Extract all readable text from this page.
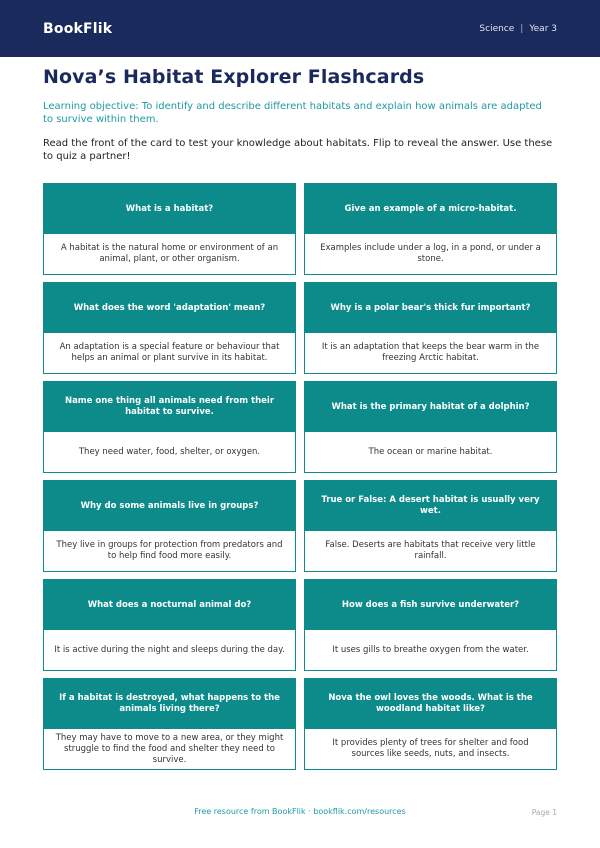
BookFlik	Science | Year 3
Nova’s Habitat Explorer Flashcards

Learning objective: To identify and describe different habitats and explain how animals are adapted to survive within them.

Read the front of the card to test your knowledge about habitats. Flip to reveal the answer. Use these to quiz a partner!

What is a habitat?
A habitat is the natural home or environment of an animal, plant, or other organism.
Give an example of a micro-habitat.
Examples include under a log, in a pond, or under a stone.
What does the word 'adaptation' mean?
An adaptation is a special feature or behaviour that helps an animal or plant survive in its habitat.
Why is a polar bear's thick fur important?
It is an adaptation that keeps the bear warm in the freezing Arctic habitat.
Name one thing all animals need from their habitat to survive.
They need water, food, shelter, or oxygen.
What is the primary habitat of a dolphin?
The ocean or marine habitat.
Why do some animals live in groups?
They live in groups for protection from predators and to help find food more easily.
True or False: A desert habitat is usually very wet.
False. Deserts are habitats that receive very little rainfall.
What does a nocturnal animal do?
It is active during the night and sleeps during the day.
How does a fish survive underwater?
It uses gills to breathe oxygen from the water.
If a habitat is destroyed, what happens to the animals living there?
They may have to move to a new area, or they might struggle to find the food and shelter they need to survive.
Nova the owl loves the woods. What is the woodland habitat like?
It provides plenty of trees for shelter and food sources like seeds, nuts, and insects.
Free resource from BookFlik · bookflik.com/resources	Page 1
